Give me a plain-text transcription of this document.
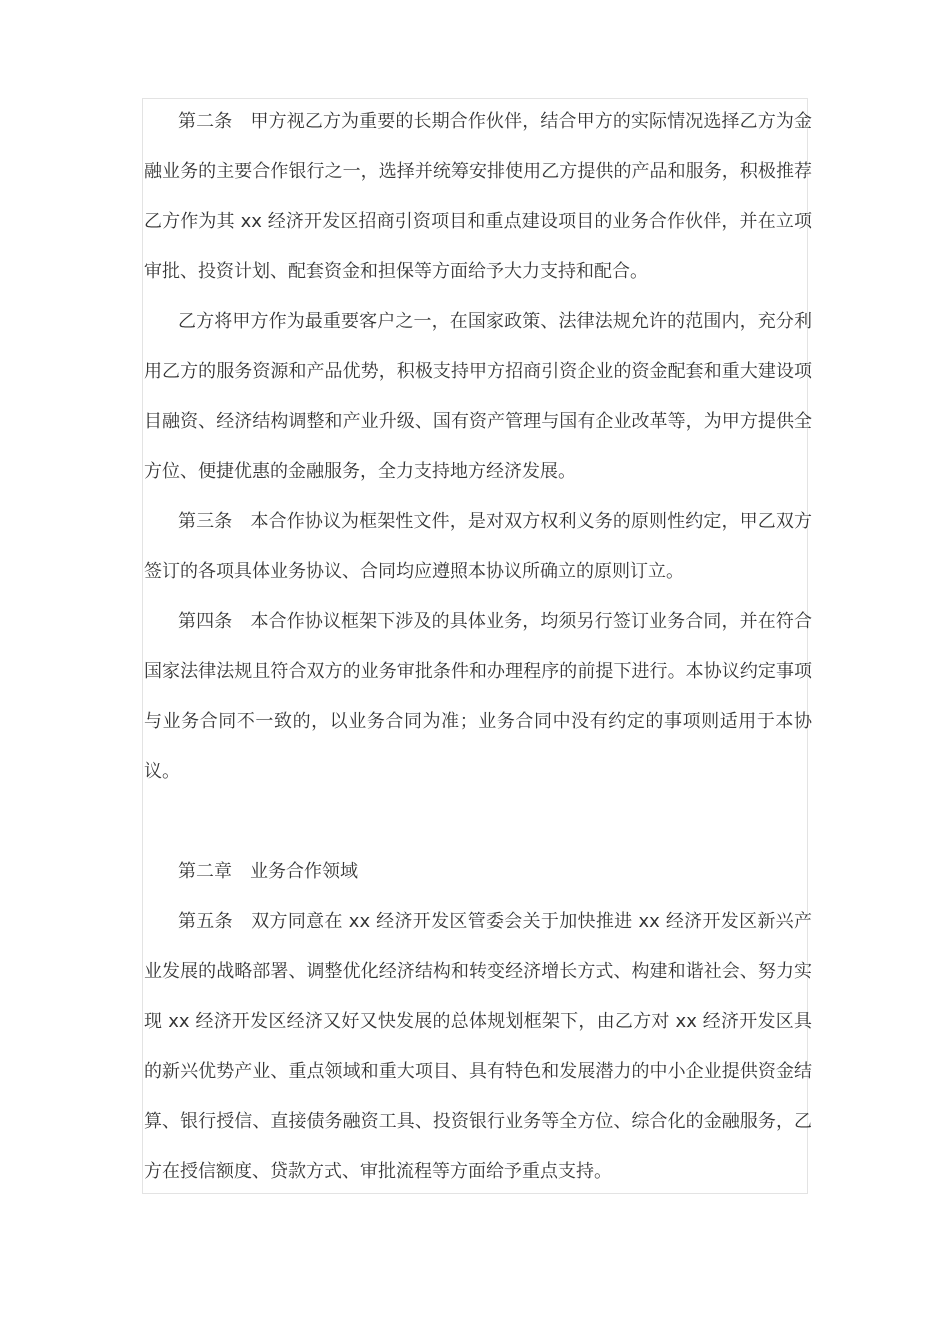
第二条　甲方视乙方为重要的长期合作伙伴，结合甲方的实际情况选择乙方为金融业务的主要合作银行之一，选择并统筹安排使用乙方提供的产品和服务，积极推荐乙方作为其 xx 经济开发区招商引资项目和重点建设项目的业务合作伙伴，并在立项审批、投资计划、配套资金和担保等方面给予大力支持和配合。

乙方将甲方作为最重要客户之一，在国家政策、法律法规允许的范围内，充分利用乙方的服务资源和产品优势，积极支持甲方招商引资企业的资金配套和重大建设项目融资、经济结构调整和产业升级、国有资产管理与国有企业改革等，为甲方提供全方位、便捷优惠的金融服务，全力支持地方经济发展。

第三条　本合作协议为框架性文件，是对双方权利义务的原则性约定，甲乙双方签订的各项具体业务协议、合同均应遵照本协议所确立的原则订立。

第四条　本合作协议框架下涉及的具体业务，均须另行签订业务合同，并在符合国家法律法规且符合双方的业务审批条件和办理程序的前提下进行。本协议约定事项与业务合同不一致的，以业务合同为准；业务合同中没有约定的事项则适用于本协议。

第二章　业务合作领域

第五条　双方同意在 xx 经济开发区管委会关于加快推进 xx 经济开发区新兴产业发展的战略部署、调整优化经济结构和转变经济增长方式、构建和谐社会、努力实现 xx 经济开发区经济又好又快发展的总体规划框架下，由乙方对 xx 经济开发区具的新兴优势产业、重点领域和重大项目、具有特色和发展潜力的中小企业提供资金结算、银行授信、直接债务融资工具、投资银行业务等全方位、综合化的金融服务，乙方在授信额度、贷款方式、审批流程等方面给予重点支持。
